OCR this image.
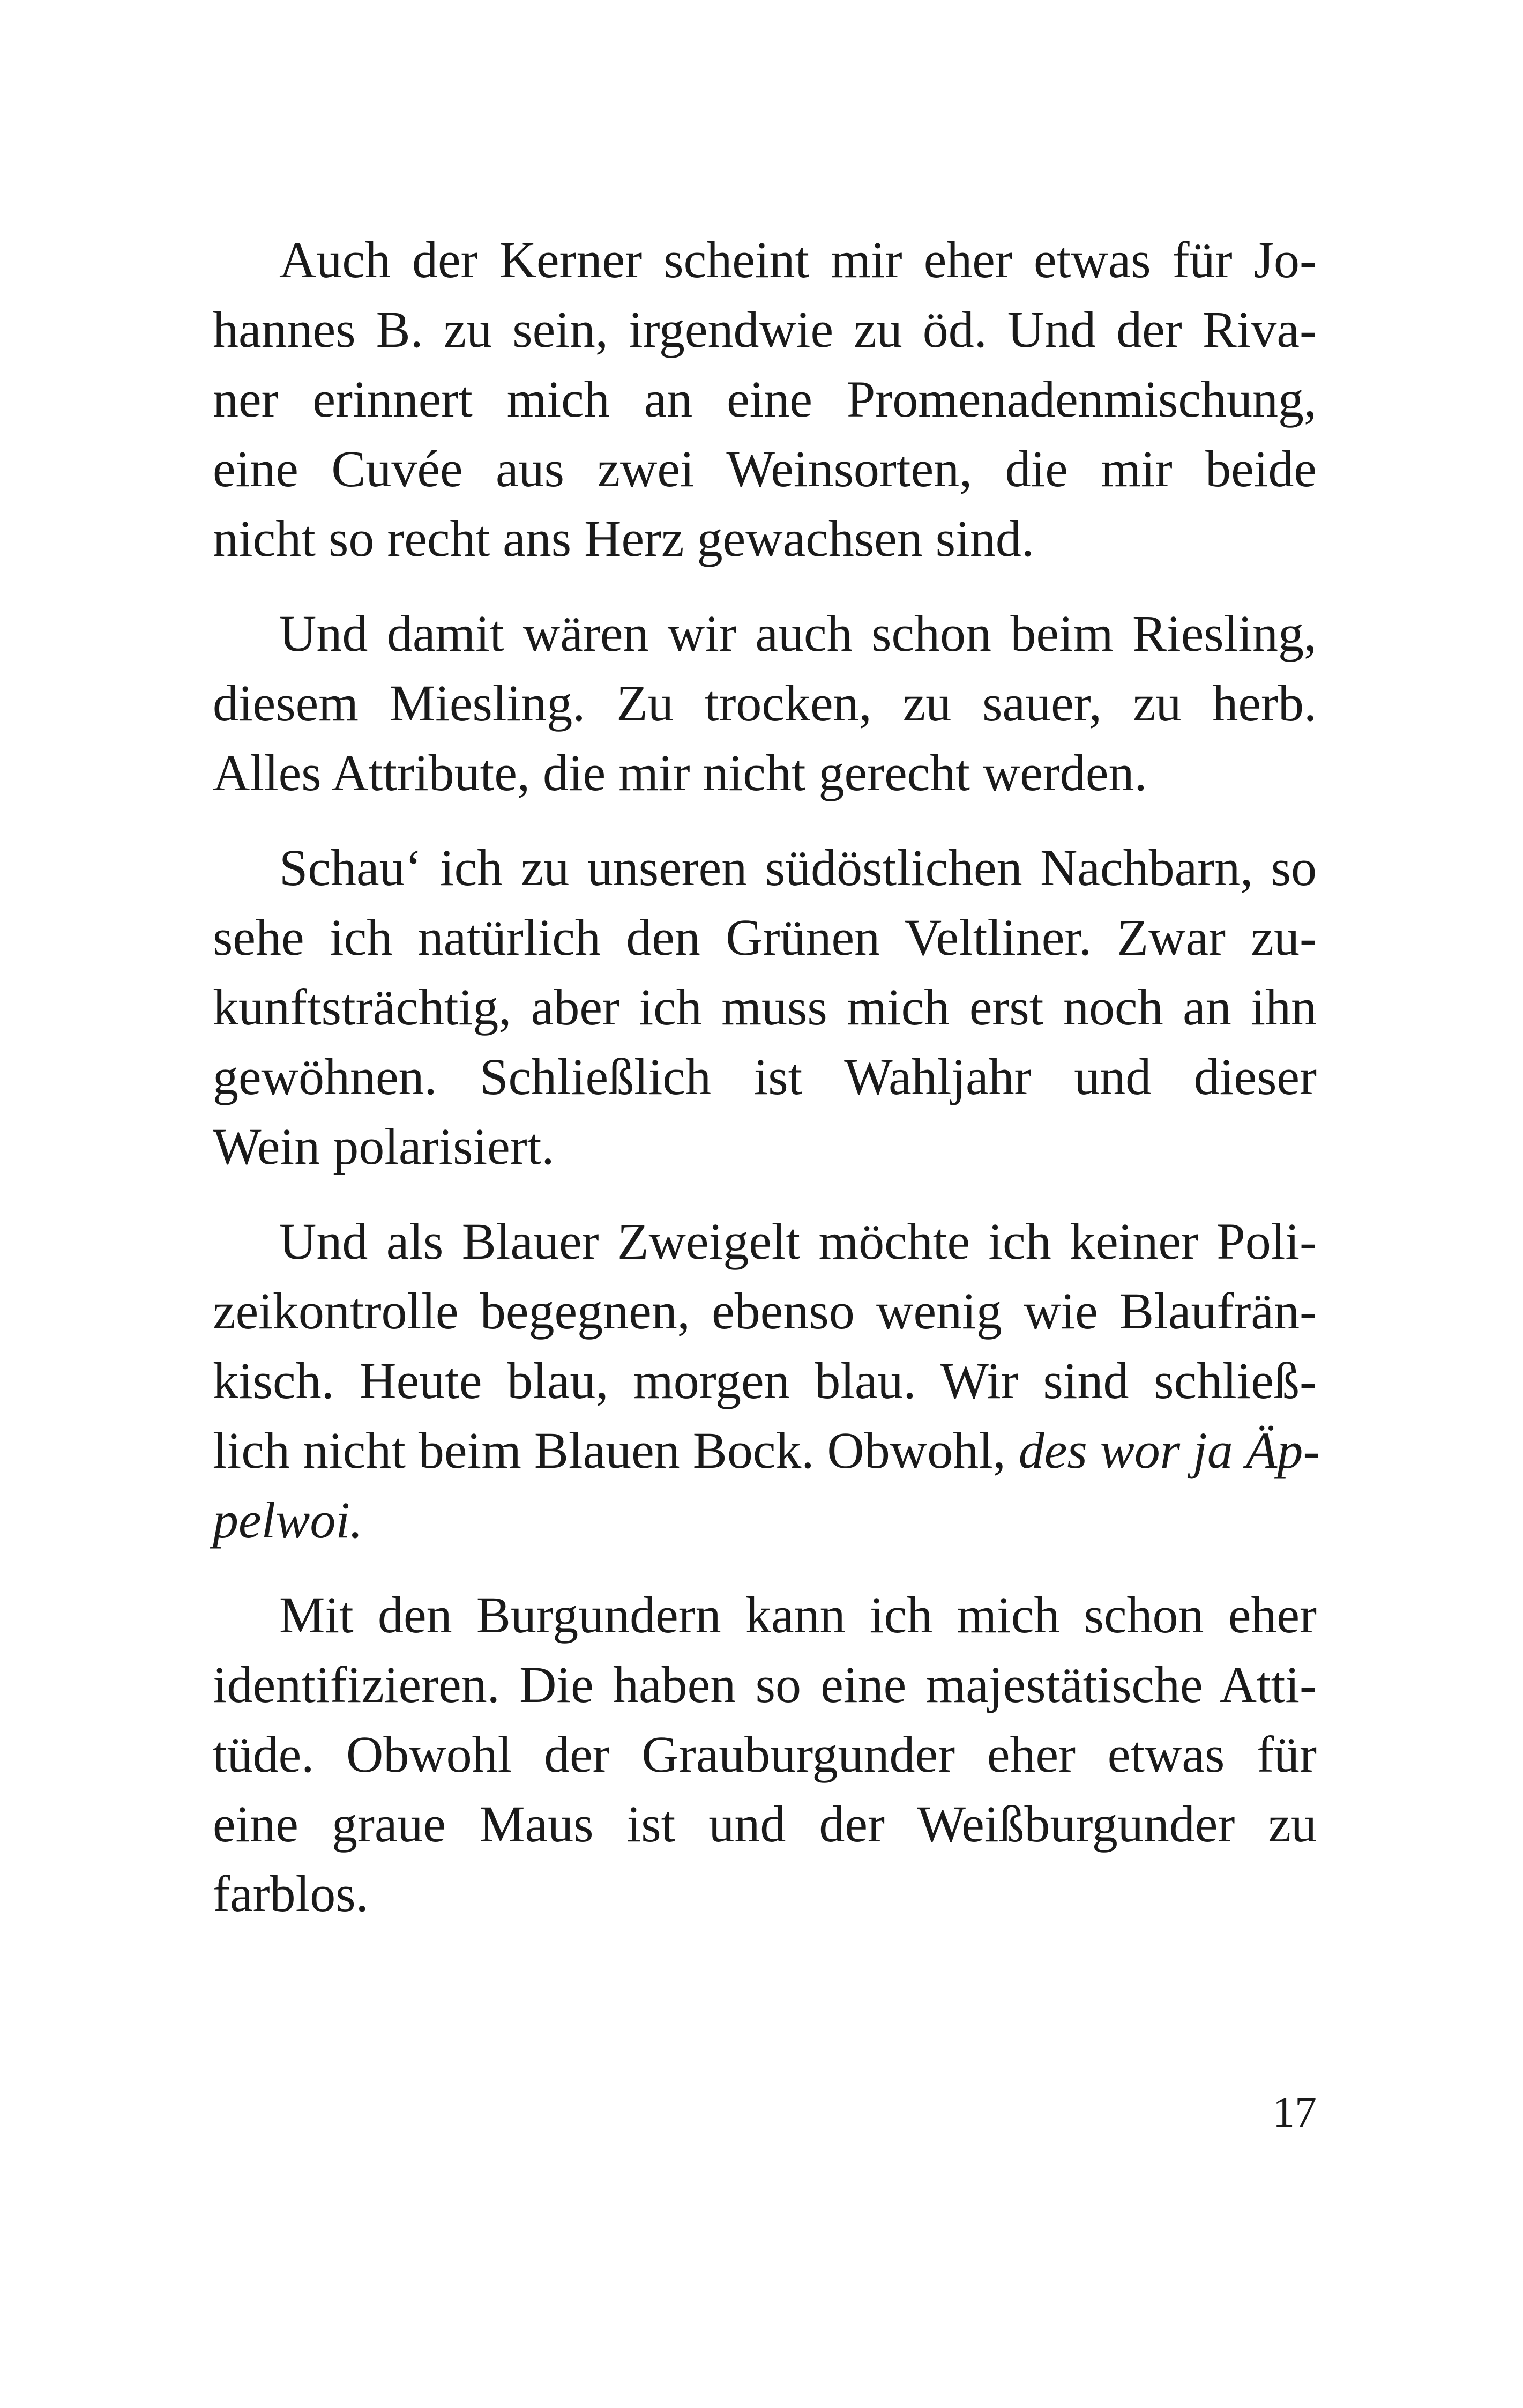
Auch der Kerner scheint mir eher etwas für Jo-
hannes B. zu sein, irgendwie zu öd. Und der Riva-
ner erinnert mich an eine Promenadenmischung,
eine Cuvée aus zwei Weinsorten, die mir beide
nicht so recht ans Herz gewachsen sind.
Und damit wären wir auch schon beim Riesling,
diesem Miesling. Zu trocken, zu sauer, zu herb.
Alles Attribute, die mir nicht gerecht werden.
Schau‘ ich zu unseren südöstlichen Nachbarn, so
sehe ich natürlich den Grünen Veltliner. Zwar zu-
kunftsträchtig, aber ich muss mich erst noch an ihn
gewöhnen. Schließlich ist Wahljahr und dieser
Wein polarisiert.
Und als Blauer Zweigelt möchte ich keiner Poli-
zeikontrolle begegnen, ebenso wenig wie Blaufrän-
kisch. Heute blau, morgen blau. Wir sind schließ-
lich nicht beim Blauen Bock. Obwohl, des wor ja Äp-
pelwoi.
Mit den Burgundern kann ich mich schon eher
identifizieren. Die haben so eine majestätische Atti-
tüde. Obwohl der Grauburgunder eher etwas für
eine graue Maus ist und der Weißburgunder zu
farblos.
17
